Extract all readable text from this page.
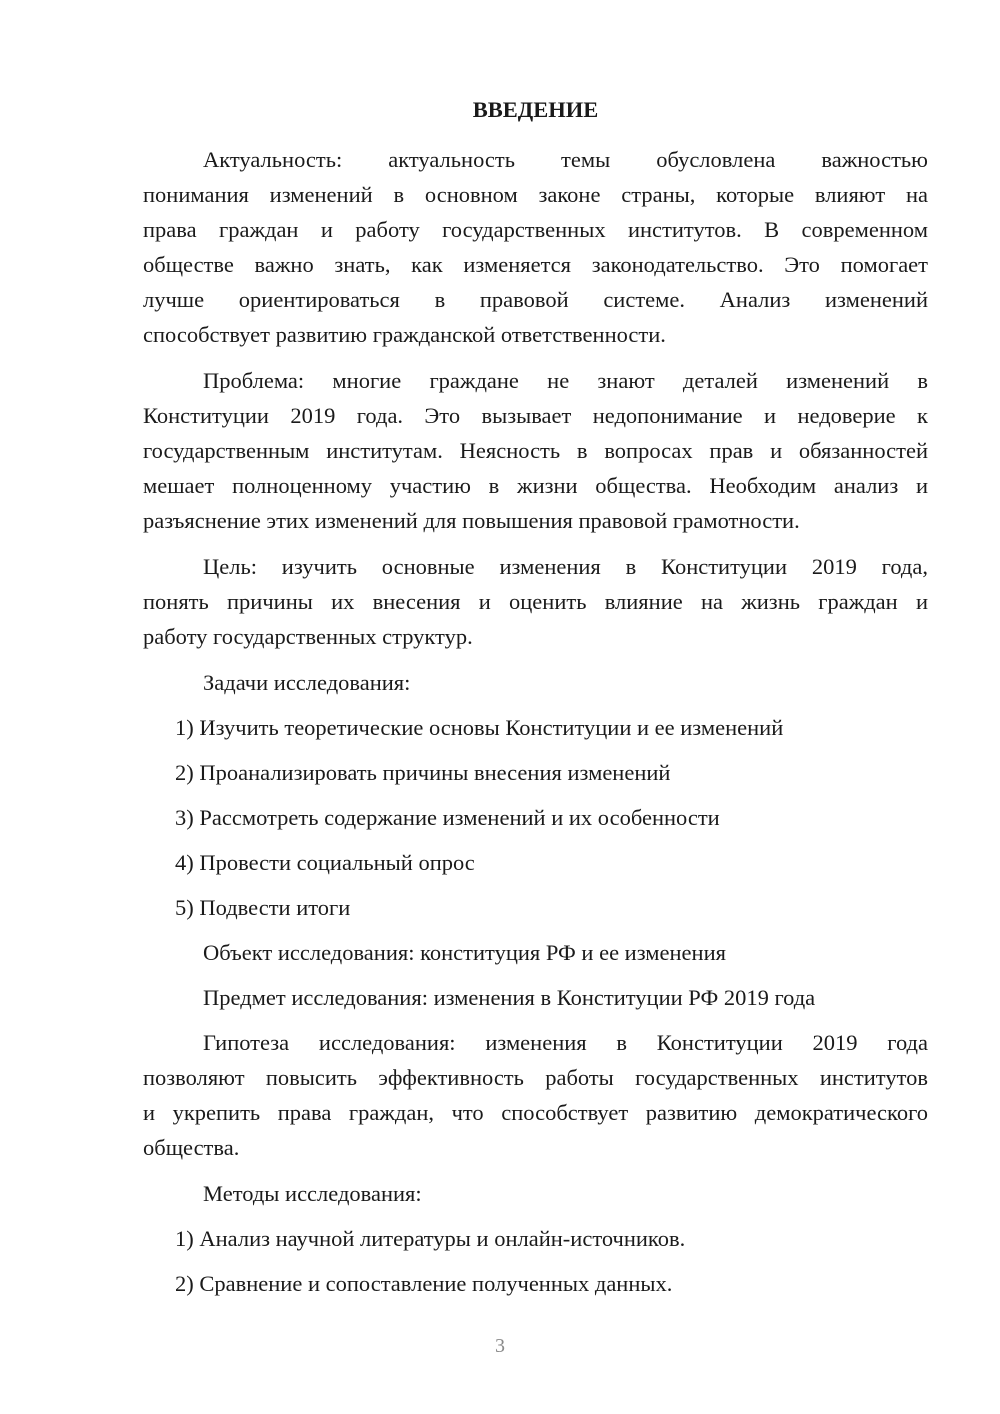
ВВЕДЕНИЕ
Актуальность: актуальность темы обусловлена важностью
понимания изменений в основном законе страны, которые влияют на
права граждан и работу государственных институтов. В современном
обществе важно знать, как изменяется законодательство. Это помогает
лучше ориентироваться в правовой системе. Анализ изменений
способствует развитию гражданской ответственности.
Проблема: многие граждане не знают деталей изменений в
Конституции 2019 года. Это вызывает недопонимание и недоверие к
государственным институтам. Неясность в вопросах прав и обязанностей
мешает полноценному участию в жизни общества. Необходим анализ и
разъяснение этих изменений для повышения правовой грамотности.
Цель: изучить основные изменения в Конституции 2019 года,
понять причины их внесения и оценить влияние на жизнь граждан и
работу государственных структур.
Задачи исследования:
1) Изучить теоретические основы Конституции и ее изменений
2) Проанализировать причины внесения изменений
3) Рассмотреть содержание изменений и их особенности
4) Провести социальный опрос
5) Подвести итоги
Объект исследования: конституция РФ и ее изменения
Предмет исследования: изменения в Конституции РФ 2019 года
Гипотеза исследования: изменения в Конституции 2019 года
позволяют повысить эффективность работы государственных институтов
и укрепить права граждан, что способствует развитию демократического
общества.
Методы исследования:
1) Анализ научной литературы и онлайн-источников.
2) Сравнение и сопоставление полученных данных.
3
